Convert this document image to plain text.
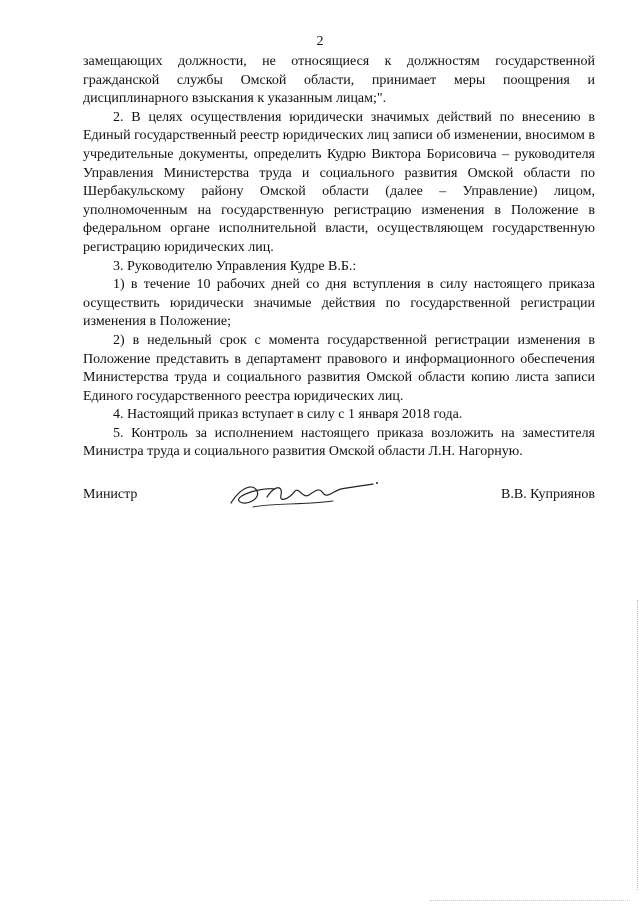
2

замещающих должности, не относящиеся к должностям государственной гражданской службы Омской области, принимает меры поощрения и дисциплинарного взыскания к указанным лицам;".

2. В целях осуществления юридически значимых действий по внесению в Единый государственный реестр юридических лиц записи об изменении, вносимом в учредительные документы, определить Кудрю Виктора Борисовича – руководителя Управления Министерства труда и социального развития Омской области по Шербакульскому району Омской области (далее – Управление) лицом, уполномоченным на государственную регистрацию изменения в Положение в федеральном органе исполнительной власти, осуществляющем государственную регистрацию юридических лиц.

3. Руководителю Управления Кудре В.Б.:

1) в течение 10 рабочих дней со дня вступления в силу настоящего приказа осуществить юридически значимые действия по государственной регистрации изменения в Положение;

2) в недельный срок с момента государственной регистрации изменения в Положение представить в департамент правового и информационного обеспечения Министерства труда и социального развития Омской области копию листа записи Единого государственного реестра юридических лиц.

4. Настоящий приказ вступает в силу с 1 января 2018 года.

5. Контроль за исполнением настоящего приказа возложить на заместителя Министра труда и социального развития Омской области Л.Н. Нагорную.

Министр	В.В. Куприянов
